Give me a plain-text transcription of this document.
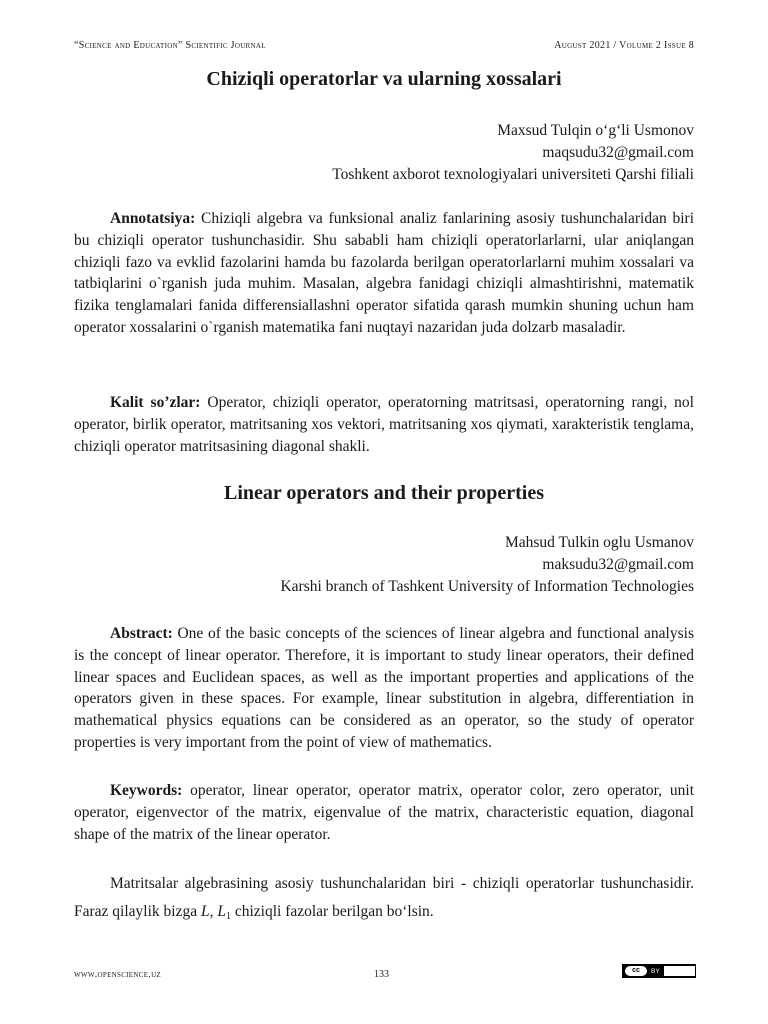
“Science and Education” Scientific Journal	August 2021 / Volume 2 Issue 8
Chiziqli operatorlar va ularning xossalari
Maxsud Tulqin o‘g‘li Usmonov
maqsudu32@gmail.com
Toshkent axborot texnologiyalari universiteti Qarshi filiali
Annotatsiya: Chiziqli algebra va funksional analiz fanlarining asosiy tushunchalaridan biri bu chiziqli operator tushunchasidir. Shu sababli ham chiziqli operatorlarlarni, ular aniqlangan chiziqli fazo va evklid fazolarini hamda bu fazolarda berilgan operatorlarlarni muhim xossalari va tatbiqlarini o`rganish juda muhim. Masalan, algebra fanidagi chiziqli almashtirishni, matematik fizika tenglamalari fanida differensiallashni operator sifatida qarash mumkin shuning uchun ham operator xossalarini o`rganish matematika fani nuqtayi nazaridan juda dolzarb masaladir.
Kalit so’zlar: Operator, chiziqli operator, operatorning matritsasi, operatorning rangi, nol operator, birlik operator, matritsaning xos vektori, matritsaning xos qiymati, xarakteristik tenglama, chiziqli operator matritsasining diagonal shakli.
Linear operators and their properties
Mahsud Tulkin oglu Usmanov
maksudu32@gmail.com
Karshi branch of Tashkent University of Information Technologies
Abstract: One of the basic concepts of the sciences of linear algebra and functional analysis is the concept of linear operator. Therefore, it is important to study linear operators, their defined linear spaces and Euclidean spaces, as well as the important properties and applications of the operators given in these spaces. For example, linear substitution in algebra, differentiation in mathematical physics equations can be considered as an operator, so the study of operator properties is very important from the point of view of mathematics.
Keywords: operator, linear operator, operator matrix, operator color, zero operator, unit operator, eigenvector of the matrix, eigenvalue of the matrix, characteristic equation, diagonal shape of the matrix of the linear operator.
Matritsalar algebrasining asosiy tushunchalaridan biri - chiziqli operatorlar tushunchasidir. Faraz qilaylik bizga L, $L_1$ chiziqli fazolar berilgan bo‘lsin.
www.openscience.uz	133	cc	BY
